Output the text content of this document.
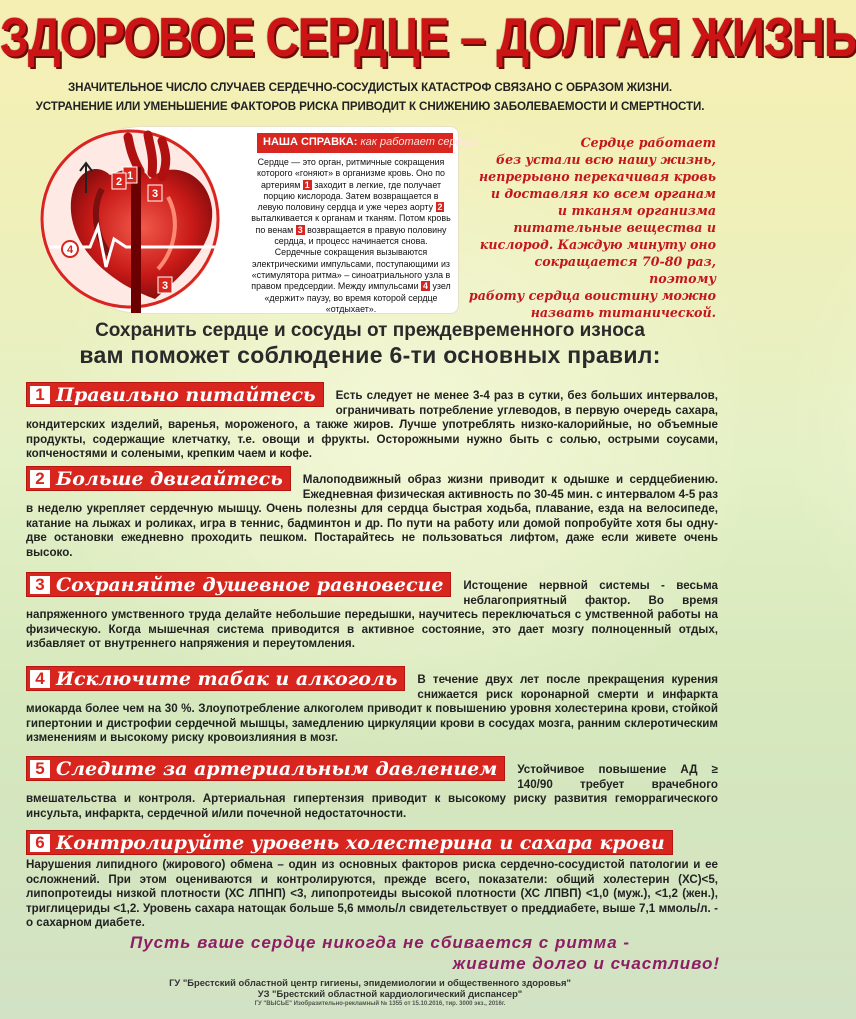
ЗДОРОВОЕ СЕРДЦЕ – ДОЛГАЯ ЖИЗНЬ
ЗНАЧИТЕЛЬНОЕ ЧИСЛО СЛУЧАЕВ СЕРДЕЧНО-СОСУДИСТЫХ КАТАСТРОФ СВЯЗАНО С ОБРАЗОМ ЖИЗНИ.
УСТРАНЕНИЕ ИЛИ УМЕНЬШЕНИЕ ФАКТОРОВ РИСКА ПРИВОДИТ К СНИЖЕНИЮ ЗАБОЛЕВАЕМОСТИ И СМЕРТНОСТИ.
1
2
3
4
3
НАША СПРАВКА: как работает сердце?
Сердце — это орган, ритмичные сокращения которого «гоняют» в организме кровь. Оно по артериям 1 заходит в легкие, где получает порцию кислорода. Затем возвращается в левую половину сердца и уже через аорту 2 выталкивается к органам и тканям. Потом кровь по венам 3 возвращается в правую половину сердца, и процесс начинается снова. Сердечные сокращения вызываются электрическими импульсами, поступающими из «стимулятора ритма» – синоатриального узла в правом предсердии. Между импульсами 4 узел «держит» паузу, во время которой сердце «отдыхает».
Сердце работает
без устали всю нашу жизнь,
непрерывно перекачивая кровь
и доставляя ко всем органам
и тканям организма
питательные вещества и
кислород. Каждую минуту оно
сокращается 70-80 раз, поэтому
работу сердца воистину можно
назвать титанической.
Сохранить сердце и сосуды от преждевременного износа
вам поможет соблюдение 6-ти основных правил:
1 Правильно питайтесь	Есть следует не менее 3-4 раз в сутки, без больших интервалов, ограничивать потребление углеводов, в первую очередь сахара, кондитерских изделий, варенья, мороженого, а также жиров. Лучше употреблять низко-калорийные, но объемные продукты, содержащие клетчатку, т.е. овощи и фрукты. Осторожными нужно быть с солью, острыми соусами, копченостями и солеными, крепким чаем и кофе.
2 Больше двигайтесь	Малоподвижный образ жизни приводит к одышке и сердцебиению. Ежедневная физическая активность по 30-45 мин. с интервалом 4-5 раз в неделю укрепляет сердечную мышцу. Очень полезны для сердца быстрая ходьба, плавание, езда на велосипеде, катание на лыжах и роликах, игра в теннис, бадминтон и др. По пути на работу или домой попробуйте хотя бы одну-две остановки ежедневно проходить пешком. Постарайтесь не пользоваться лифтом, даже если живете очень высоко.
3 Сохраняйте душевное равновесие	Истощение нервной системы - весьма неблагоприятный фактор. Во время напряженного умственного труда делайте небольшие передышки, научитесь переключаться с умственной работы на физическую. Когда мышечная система приводится в активное состояние, это дает мозгу полноценный отдых, избавляет от внутреннего напряжения и переутомления.
4 Исключите табак и алкоголь	В течение двух лет после прекращения курения снижается риск коронарной смерти и инфаркта миокарда более чем на 30 %. Злоупотребление алкоголем приводит к повышению уровня холестерина крови, стойкой гипертонии и дистрофии сердечной мышцы, замедлению циркуляции крови в сосудах мозга, ранним склеротическим изменениям и высокому риску кровоизлияния в мозг.
5 Следите за артериальным давлением	Устойчивое повышение АД ≥ 140/90 требует врачебного вмешательства и контроля. Артериальная гипертензия приводит к высокому риску развития геморрагического инсульта, инфаркта, сердечной и/или почечной недостаточности.
6 Контролируйте уровень холестерина и сахара крови
Нарушения липидного (жирового) обмена – один из основных факторов риска сердечно-сосудистой патологии и ее осложнений. При этом оцениваются и контролируются, прежде всего, показатели: общий холестерин (ХС)<5, липопротеиды низкой плотности (ХС ЛПНП) <3, липопротеиды высокой плотности (ХС ЛПВП) <1,0 (муж.), <1,2 (жен.), триглицериды <1,2. Уровень сахара натощак больше 5,6 ммоль/л свидетельствует о преддиабете, выше 7,1 ммоль/л. - о сахарном диабете.
Пусть ваше сердце никогда не сбивается с ритма -
живите долго и счастливо!
ГУ "Брестский областной центр гигиены, эпидемиологии и общественного здоровья"
УЗ "Брестский областной кардиологический диспансер"
ГУ "ВЫСЬЕ" Изобразительно-рекламный № 1355 от 15.10.2016, тир. 3000 экз., 2016г.
